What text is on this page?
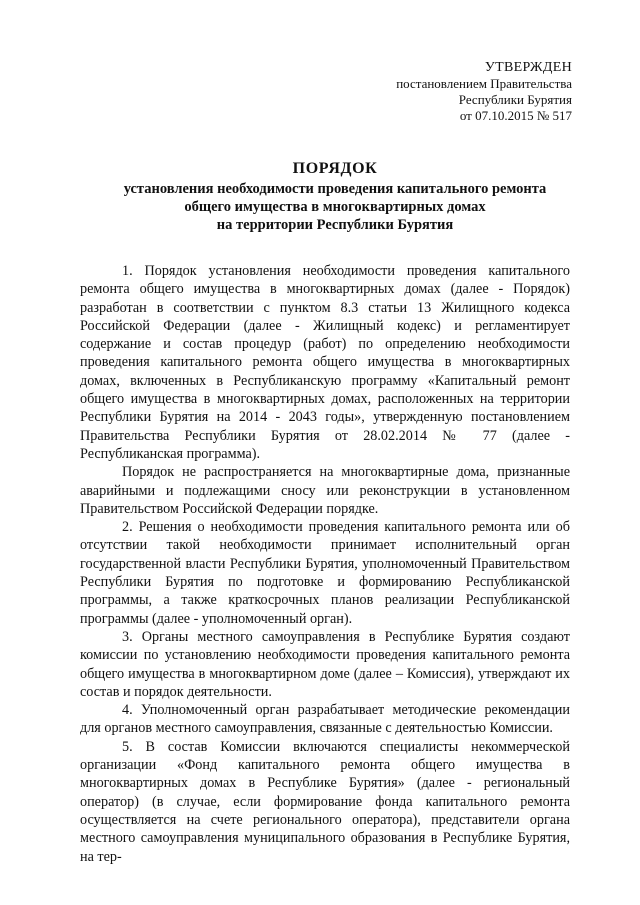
УТВЕРЖДЕН
постановлением Правительства
Республики Бурятия
от 07.10.2015 № 517
ПОРЯДОК
установления необходимости проведения капитального ремонта
общего имущества в многоквартирных домах
на территории Республики Бурятия

1. Порядок установления необходимости проведения капитального ремонта общего имущества в многоквартирных домах (далее - Порядок) разработан в соответствии с пунктом 8.3 статьи 13 Жилищного кодекса Российской Федерации (далее - Жилищный кодекс) и регламентирует содержание и состав процедур (работ) по определению необходимости проведения капитального ремонта общего имущества в многоквартирных домах, включенных в Республиканскую программу «Капитальный ремонт общего имущества в многоквартирных домах, расположенных на территории Республики Бурятия на 2014 - 2043 годы», утвержденную постановлением Правительства Республики Бурятия от 28.02.2014 № 77 (далее - Республиканская программа).

Порядок не распространяется на многоквартирные дома, признанные аварийными и подлежащими сносу или реконструкции в установленном Правительством Российской Федерации порядке.

2. Решения о необходимости проведения капитального ремонта или об отсутствии такой необходимости принимает исполнительный орган государственной власти Республики Бурятия, уполномоченный Правительством Республики Бурятия по подготовке и формированию Республиканской программы, а также краткосрочных планов реализации Республиканской программы (далее - уполномоченный орган).

3. Органы местного самоуправления в Республике Бурятия создают комиссии по установлению необходимости проведения капитального ремонта общего имущества в многоквартирном доме (далее – Комиссия), утверждают их состав и порядок деятельности.

4. Уполномоченный орган разрабатывает методические рекомендации для органов местного самоуправления, связанные с деятельностью Комиссии.

5. В состав Комиссии включаются специалисты некоммерческой организации «Фонд капитального ремонта общего имущества в многоквартирных домах в Республике Бурятия» (далее - региональный оператор) (в случае, если формирование фонда капитального ремонта осуществляется на счете регионального оператора), представители органа местного самоуправления муниципального образования в Республике Бурятия, на тер-
